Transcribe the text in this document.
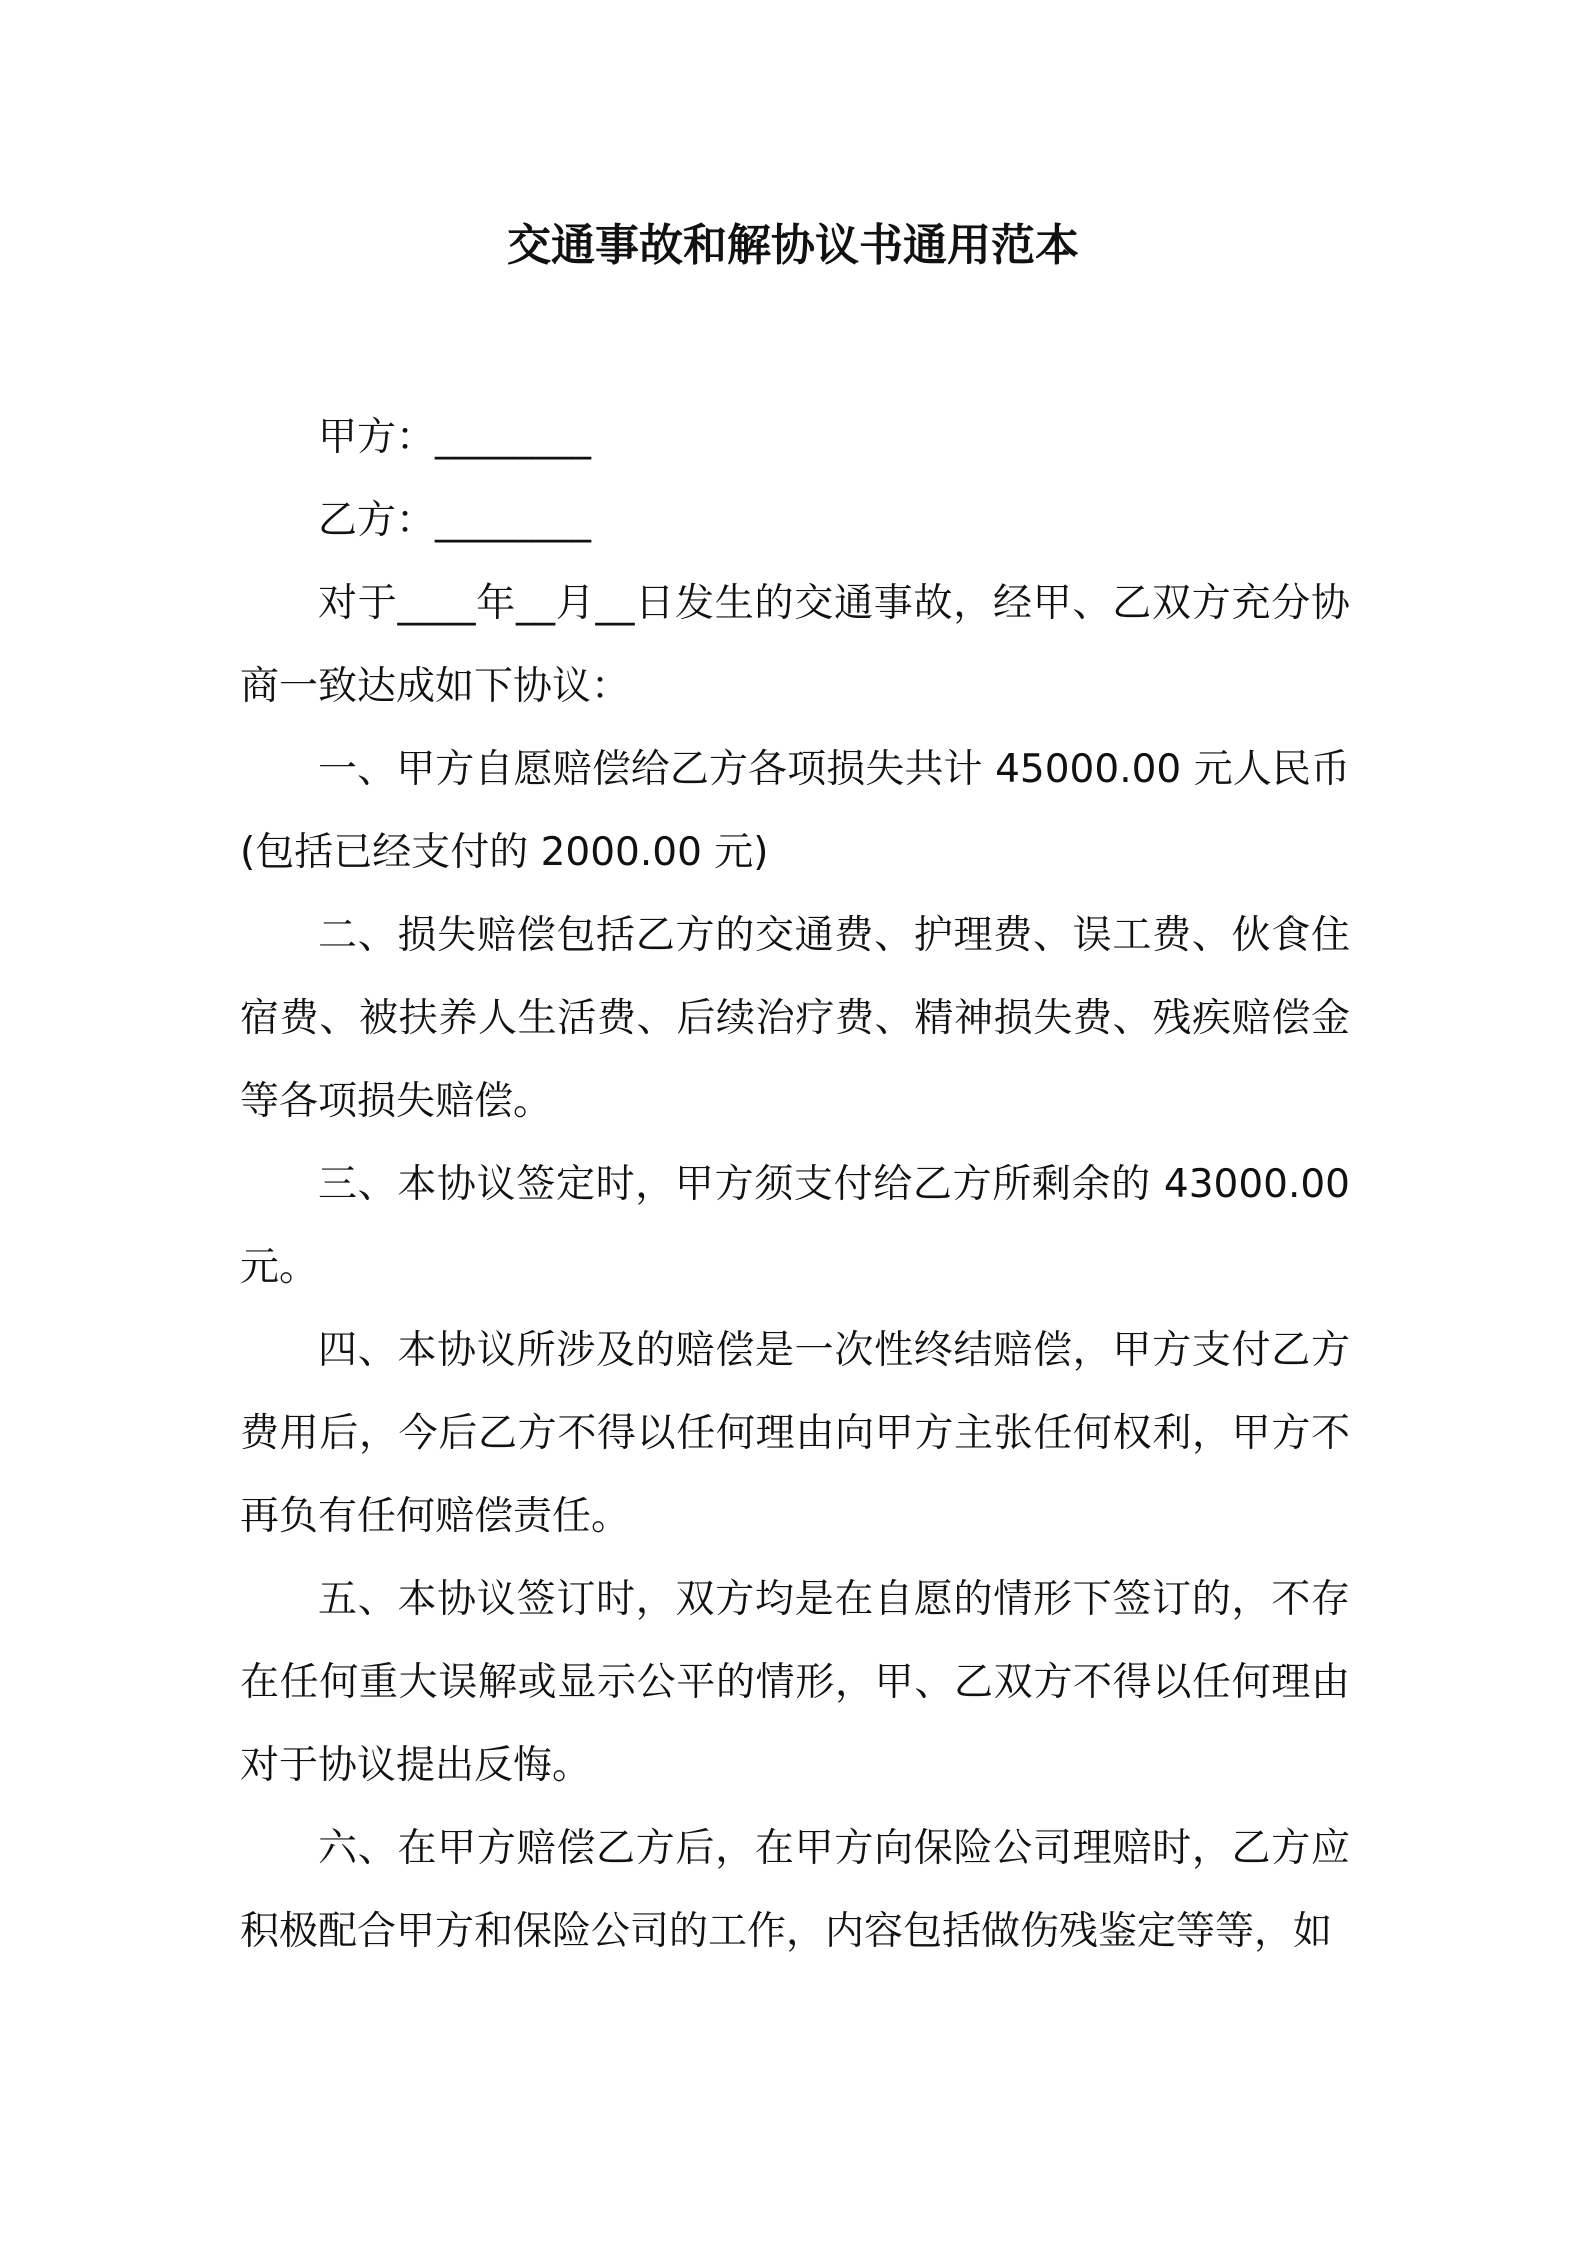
交通事故和解协议书通用范本

甲方：________

乙方：________

对于____年__月__日发生的交通事故，经甲、乙双方充分协商一致达成如下协议：

一、甲方自愿赔偿给乙方各项损失共计 45000.00 元人民币(包括已经支付的 2000.00 元)

二、损失赔偿包括乙方的交通费、护理费、误工费、伙食住宿费、被扶养人生活费、后续治疗费、精神损失费、残疾赔偿金等各项损失赔偿。

三、本协议签定时，甲方须支付给乙方所剩余的 43000.00 元。

四、本协议所涉及的赔偿是一次性终结赔偿，甲方支付乙方费用后，今后乙方不得以任何理由向甲方主张任何权利，甲方不再负有任何赔偿责任。

五、本协议签订时，双方均是在自愿的情形下签订的，不存在任何重大误解或显示公平的情形，甲、乙双方不得以任何理由对于协议提出反悔。

六、在甲方赔偿乙方后，在甲方向保险公司理赔时，乙方应积极配合甲方和保险公司的工作，内容包括做伤残鉴定等等，如
